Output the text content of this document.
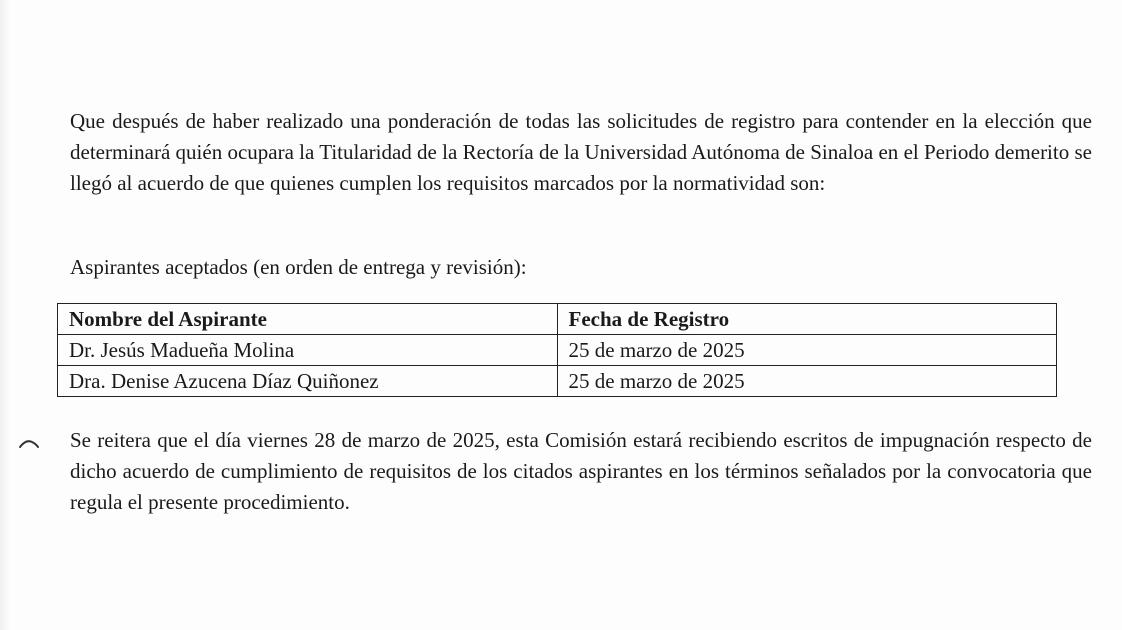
Que después de haber realizado una ponderación de todas las solicitudes de registro para contender en la elección que determinará quién ocupara la Titularidad de la Rectoría de la Universidad Autónoma de Sinaloa en el Periodo demerito se llegó al acuerdo de que quienes cumplen los requisitos marcados por la normatividad son:

Aspirantes aceptados (en orden de entrega y revisión):

Nombre del Aspirante	Fecha de Registro
Dr. Jesús Madueña Molina	25 de marzo de 2025
Dra. Denise Azucena Díaz Quiñonez	25 de marzo de 2025

Se reitera que el día viernes 28 de marzo de 2025, esta Comisión estará recibiendo escritos de impugnación respecto de dicho acuerdo de cumplimiento de requisitos de los citados aspirantes en los términos señalados por la convocatoria que regula el presente procedimiento.
